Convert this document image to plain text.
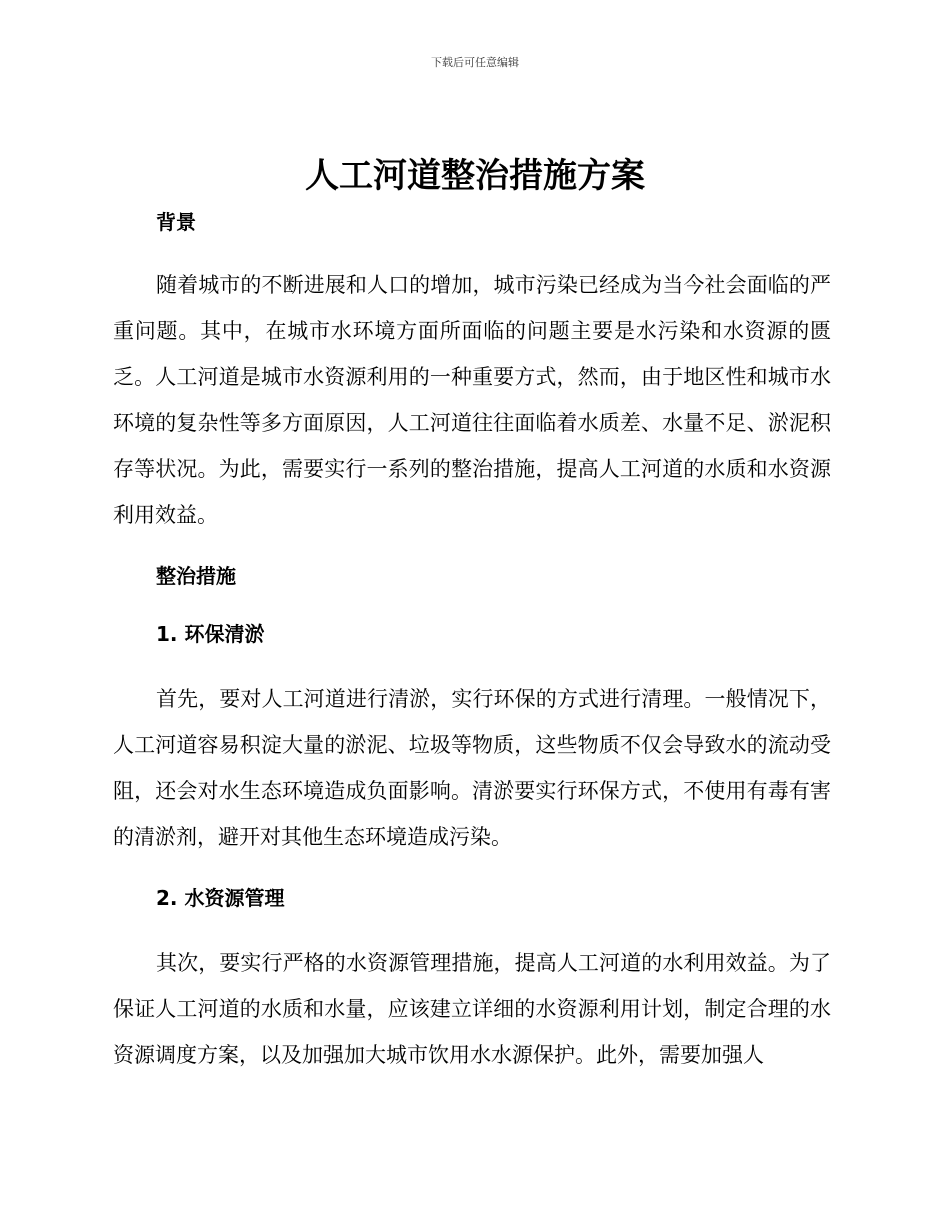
下载后可任意编辑
人工河道整治措施方案
背景

随着城市的不断进展和人口的增加，城市污染已经成为当今社会面临的严重问题。其中，在城市水环境方面所面临的问题主要是水污染和水资源的匮乏。人工河道是城市水资源利用的一种重要方式，然而，由于地区性和城市水环境的复杂性等多方面原因，人工河道往往面临着水质差、水量不足、淤泥积存等状况。为此，需要实行一系列的整治措施，提高人工河道的水质和水资源利用效益。

整治措施
1. 环保清淤

首先，要对人工河道进行清淤，实行环保的方式进行清理。一般情况下，人工河道容易积淀大量的淤泥、垃圾等物质，这些物质不仅会导致水的流动受阻，还会对水生态环境造成负面影响。清淤要实行环保方式，不使用有毒有害的清淤剂，避开对其他生态环境造成污染。

2. 水资源管理

其次，要实行严格的水资源管理措施，提高人工河道的水利用效益。为了保证人工河道的水质和水量，应该建立详细的水资源利用计划，制定合理的水资源调度方案，以及加强加大城市饮用水水源保护。此外，需要加强人
